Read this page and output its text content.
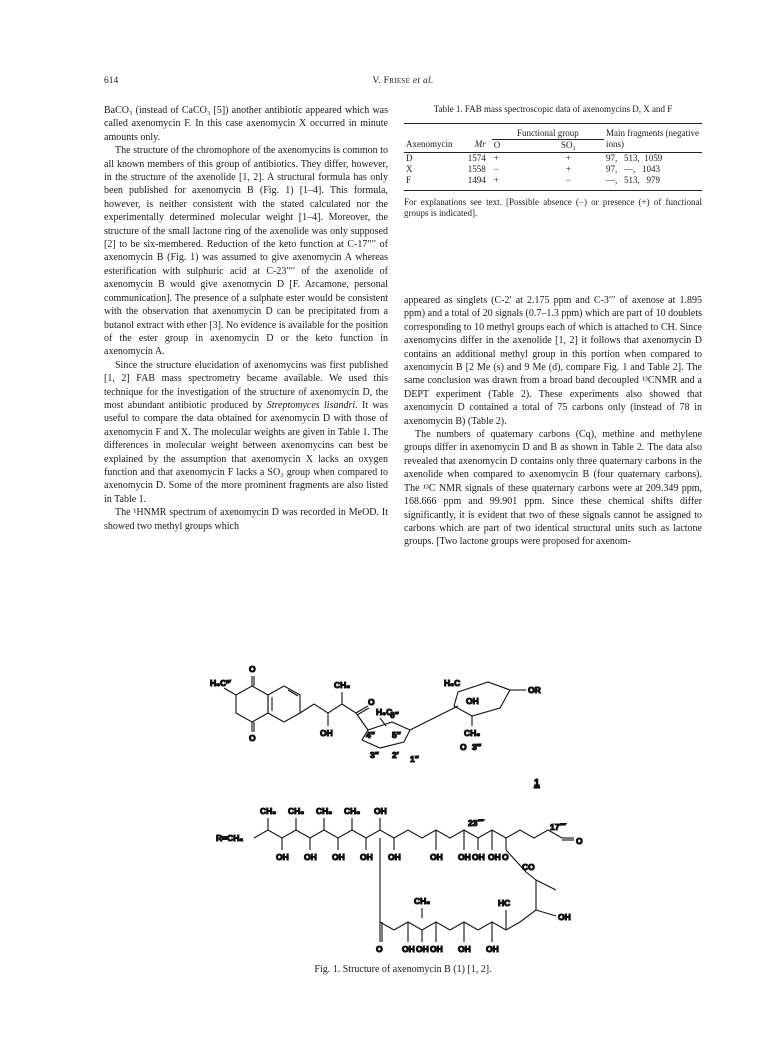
614	V. Friese et al.

BaCO₃ (instead of CaCO₃ [5]) another antibiotic appeared which was called axenomycin F. In this case axenomycin X occurred in minute amounts only.

The structure of the chromophore of the axenomycins is common to all known members of this group of antibiotics. They differ, however, in the structure of the axenolide [1, 2]. A structural formula has only been published for axenomycin B (Fig. 1) [1–4]. This formula, however, is neither consistent with the stated calculated nor the experimentally determined molecular weight [1–4]. Moreover, the structure of the small lactone ring of the axenolide was only supposed [2] to be six-membered. Reduction of the keto function at C-17′′′′ of axenomycin B (Fig. 1) was assumed to give axenomycin A whereas esterification with sulphuric acid at C-23′′′′ of the axenolide of axenomycin B would give axenomycin D [F. Arcamone, personal communication]. The presence of a sulphate ester would be consistent with the observation that axenomycin D can be precipitated from a butanol extract with ether [3]. No evidence is available for the position of the ester group in axenomycin D or the keto function in axenomycin A.

Since the structure elucidation of axenomycins was first published [1, 2] FAB mass spectrometry became available. We used this technique for the investigation of the structure of axenomycin D, the most abundant antibiotic produced by Streptomyces lisandri. It was useful to compare the data obtained for axenomycin D with those of axenomycin F and X. The molecular weights are given in Table 1. The differences in molecular weight between axenomycins can best be explained by the assumption that axenomycin X lacks an oxygen function and that axenomycin F lacks a SO₃ group when compared to axenomycin D. Some of the more prominent fragments are also listed in Table 1.

The ¹HNMR spectrum of axenomycin D was recorded in MeOD. It showed two methyl groups which

Table 1. FAB mass spectroscopic data of axenomycins D, X and F

		Functional group		Main fragments (negative ions)
Axenomycin	Mr	O	SO₃	

D	1574	+	+	97,   513,  1059
X	1558	−	+	97,   —,   1043
F	1494	+	−	—,   513,   979

For explanations see text. [Possible absence (−) or presence (+) of functional groups is indicated].

appeared as singlets (C-2′ at 2.175 ppm and C-3′′′ of axenose at 1.895 ppm) and a total of 20 signals (0.7–1.3 ppm) which are part of 10 doublets corresponding to 10 methyl groups each of which is attached to CH. Since axenomycins differ in the axenolide [1, 2] it follows that axenomycin D contains an additional methyl group in this portion when compared to axenomycin B [2 Me (s) and 9 Me (d), compare Fig. 1 and Table 2]. The same conclusion was drawn from a broad band decoupled ¹³CNMR and a DEPT experiment (Table 2). These experiments also showed that axenomycin D contained a total of 75 carbons only (instead of 78 in axenomycin B) (Table 2).

The numbers of quaternary carbons (Cq), methine and methylene groups differ in axenomycin D and B as shown in Table 2. The data also revealed that axenomycin D contains only three quaternary carbons in the axenolide when compared to axenomycin B (four quaternary carbons). The ¹³C NMR signals of these quaternary carbons were at 209.349 ppm, 168.666 ppm and 99.901 ppm. Since these chemical shifts differ significantly, it is evident that two of these signals cannot be assigned to carbons which are part of two identical structural units such as lactone groups. [Two lactone groups were proposed for axenom-

H₃C²′
O
O
CH₃
OH
O
6″
H₃C
4″ 5″
3″ 2′ 1″
H₃C
OH
OR
CH₃
O 3‴
1
R=CH₂
CH₃ CH₃ CH₃ CH₃ OH
OH OH OH OH OH	OH OH OH OH O
23⁗	17⁗
O
CO
HC
OH
CH₃
O OH OH OH OH OH
Fig. 1. Structure of axenomycin B (1) [1, 2].
